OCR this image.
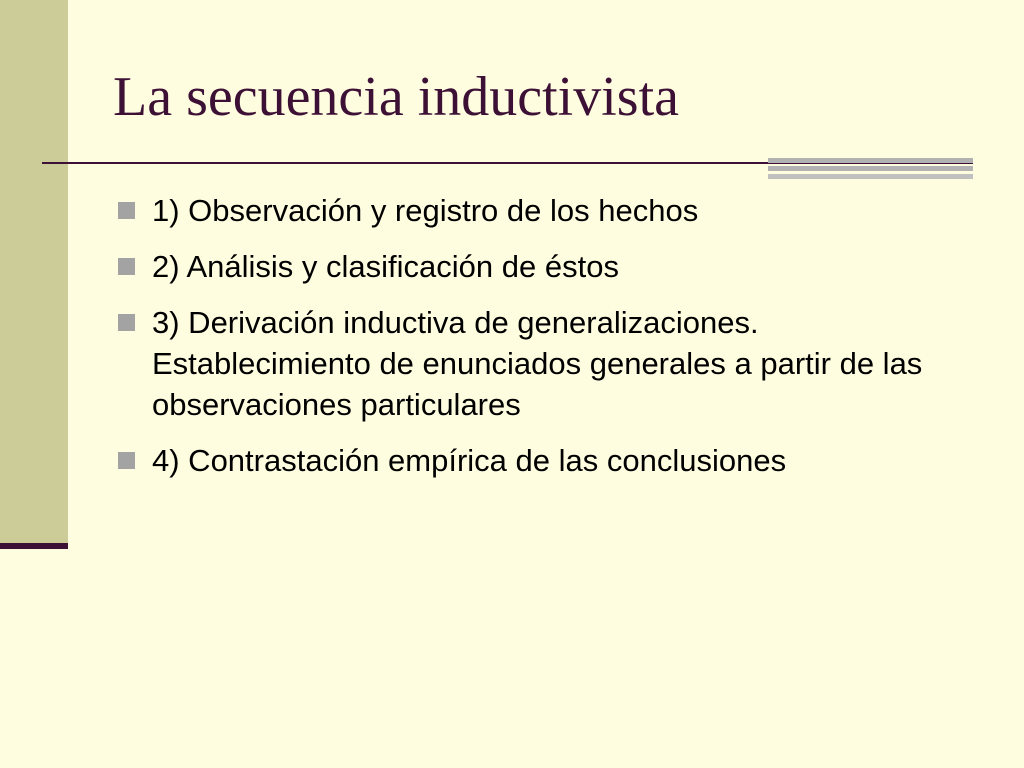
La secuencia inductivista
1) Observación y registro de los hechos
2) Análisis y clasificación de éstos
3) Derivación inductiva de generalizaciones. Establecimiento de enunciados generales a partir de las observaciones particulares
4) Contrastación empírica de las conclusiones
